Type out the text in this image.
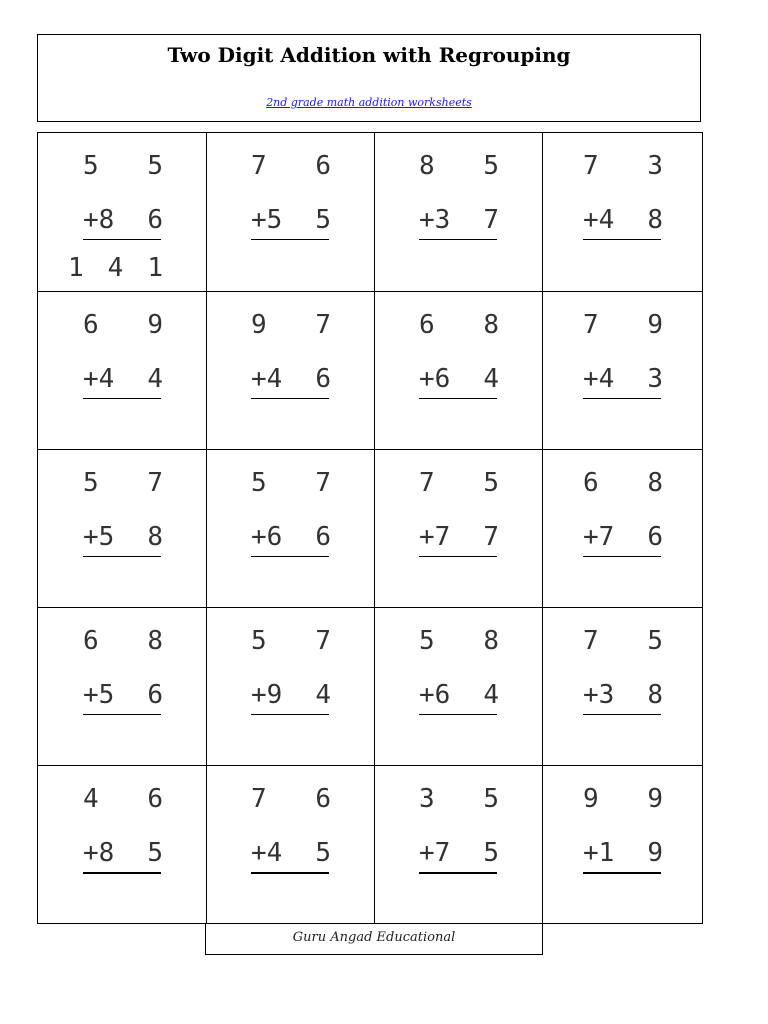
Two Digit Addition with Regrouping
2nd grade math addition worksheets
5 5
+8 6
1 4 1
7 6
+5 5
8 5
+3 7
7 3
+4 8
6 9
+4 4
9 7
+4 6
6 8
+6 4
7 9
+4 3
5 7
+5 8
5 7
+6 6
7 5
+7 7
6 8
+7 6
6 8
+5 6
5 7
+9 4
5 8
+6 4
7 5
+3 8
4 6
+8 5
7 6
+4 5
3 5
+7 5
9 9
+1 9
Guru Angad Educational
